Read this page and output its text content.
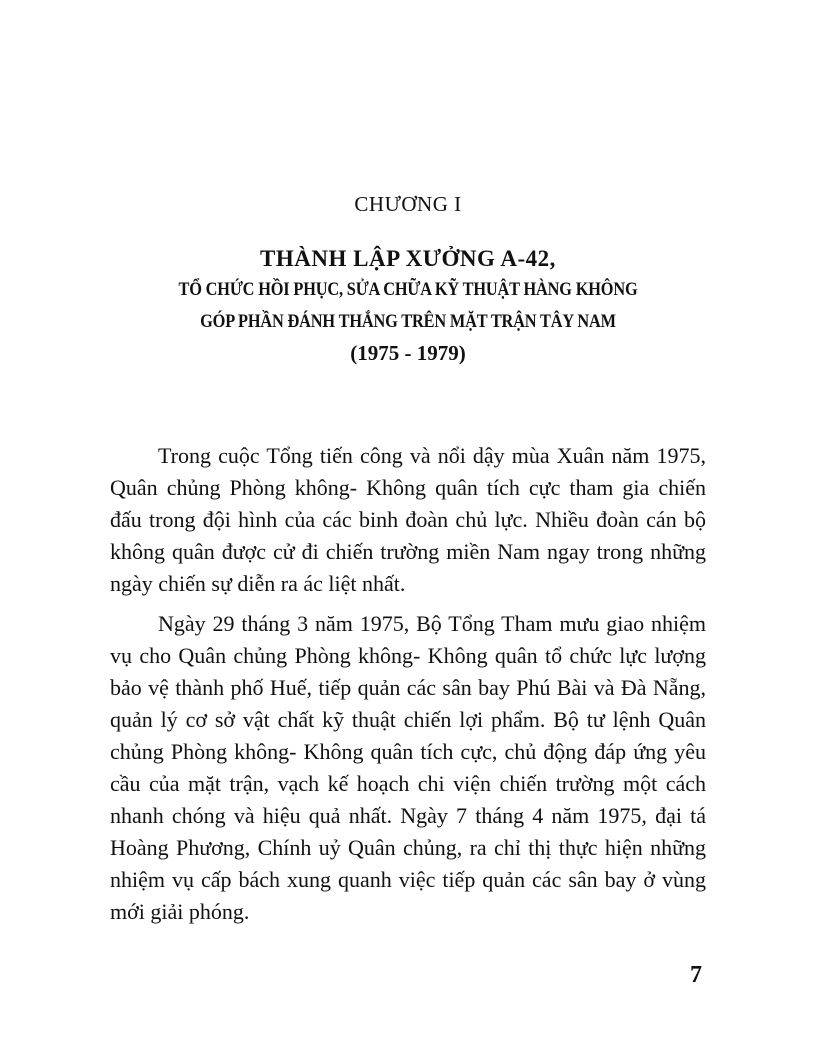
CHƯƠNG I
THÀNH LẬP XƯỞNG A-42,
TỔ CHỨC HỒI PHỤC, SỬA CHỮA KỸ THUẬT HÀNG KHÔNG
GÓP PHẦN ĐÁNH THẮNG TRÊN MẶT TRẬN TÂY NAM
(1975 - 1979)

Trong cuộc Tổng tiến công và nổi dậy mùa Xuân năm 1975, Quân chủng Phòng không- Không quân tích cực tham gia chiến đấu trong đội hình của các binh đoàn chủ lực. Nhiều đoàn cán bộ không quân được cử đi chiến trường miền Nam ngay trong những ngày chiến sự diễn ra ác liệt nhất.

Ngày 29 tháng 3 năm 1975, Bộ Tổng Tham mưu giao nhiệm vụ cho Quân chủng Phòng không- Không quân tổ chức lực lượng bảo vệ thành phố Huế, tiếp quản các sân bay Phú Bài và Đà Nẵng, quản lý cơ sở vật chất kỹ thuật chiến lợi phẩm. Bộ tư lệnh Quân chủng Phòng không- Không quân tích cực, chủ động đáp ứng yêu cầu của mặt trận, vạch kế hoạch chi viện chiến trường một cách nhanh chóng và hiệu quả nhất. Ngày 7 tháng 4 năm 1975, đại tá Hoàng Phương, Chính uỷ Quân chủng, ra chỉ thị thực hiện những nhiệm vụ cấp bách xung quanh việc tiếp quản các sân bay ở vùng mới giải phóng.

7
